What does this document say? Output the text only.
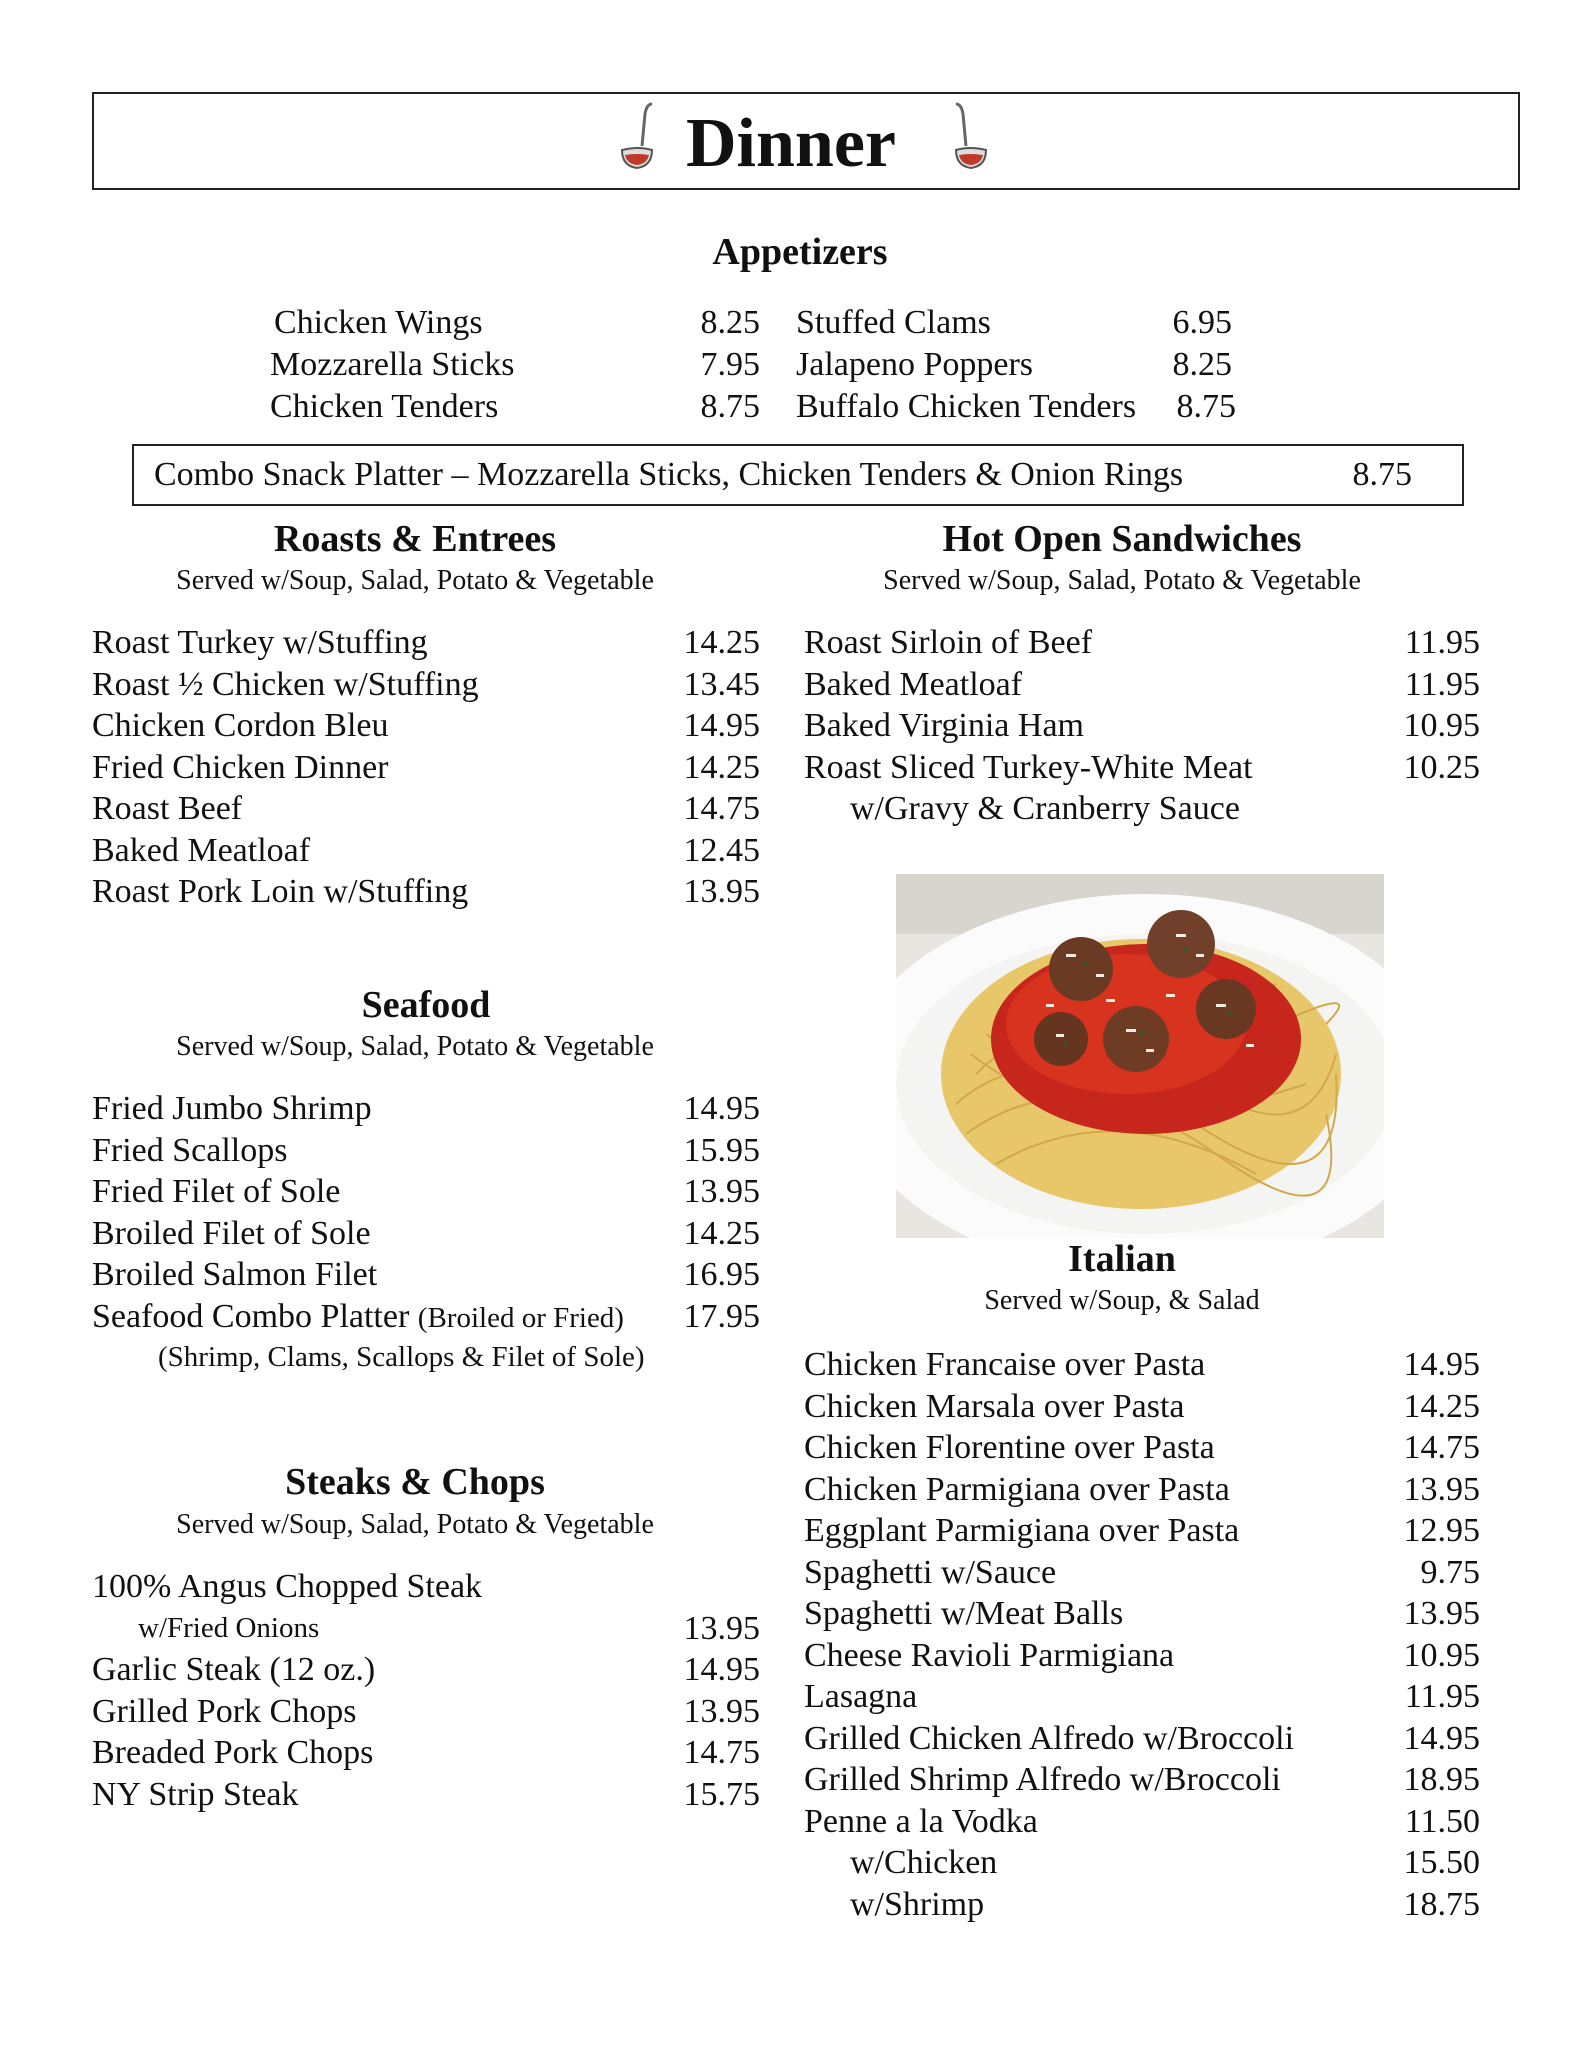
Dinner
Appetizers
Chicken Wings	8.25
Mozzarella Sticks	7.95
Chicken Tenders	8.75
Stuffed Clams	6.95
Jalapeno Poppers	8.25
Buffalo Chicken Tenders 8.75
Combo Snack Platter – Mozzarella Sticks, Chicken Tenders & Onion Rings	8.75
Roasts & Entrees
Served w/Soup, Salad, Potato & Vegetable
Roast Turkey w/Stuffing	14.25
Roast ½ Chicken w/Stuffing	13.45
Chicken Cordon Bleu	14.95
Fried Chicken Dinner	14.25
Roast Beef	14.75
Baked Meatloaf	12.45
Roast Pork Loin w/Stuffing	13.95
Hot Open Sandwiches
Served w/Soup, Salad, Potato & Vegetable
Roast Sirloin of Beef	11.95
Baked Meatloaf	11.95
Baked Virginia Ham	10.95
Roast Sliced Turkey-White Meat	10.25
w/Gravy & Cranberry Sauce
Seafood
Served w/Soup, Salad, Potato & Vegetable
Fried Jumbo Shrimp	14.95
Fried Scallops	15.95
Fried Filet of Sole	13.95
Broiled Filet of Sole	14.25
Broiled Salmon Filet	16.95
Seafood Combo Platter (Broiled or Fried) 17.95
(Shrimp, Clams, Scallops & Filet of Sole)
Steaks & Chops
Served w/Soup, Salad, Potato & Vegetable
100% Angus Chopped Steak
w/Fried Onions	13.95
Garlic Steak (12 oz.)	14.95
Grilled Pork Chops	13.95
Breaded Pork Chops	14.75
NY Strip Steak	15.75
Italian
Served w/Soup, & Salad
Chicken Francaise over Pasta	14.95
Chicken Marsala over Pasta	14.25
Chicken Florentine over Pasta	14.75
Chicken Parmigiana over Pasta	13.95
Eggplant Parmigiana over Pasta	12.95
Spaghetti w/Sauce	9.75
Spaghetti w/Meat Balls	13.95
Cheese Ravioli Parmigiana	10.95
Lasagna	11.95
Grilled Chicken Alfredo w/Broccoli	14.95
Grilled Shrimp Alfredo w/Broccoli	18.95
Penne a la Vodka	11.50
w/Chicken	15.50
w/Shrimp	18.75
